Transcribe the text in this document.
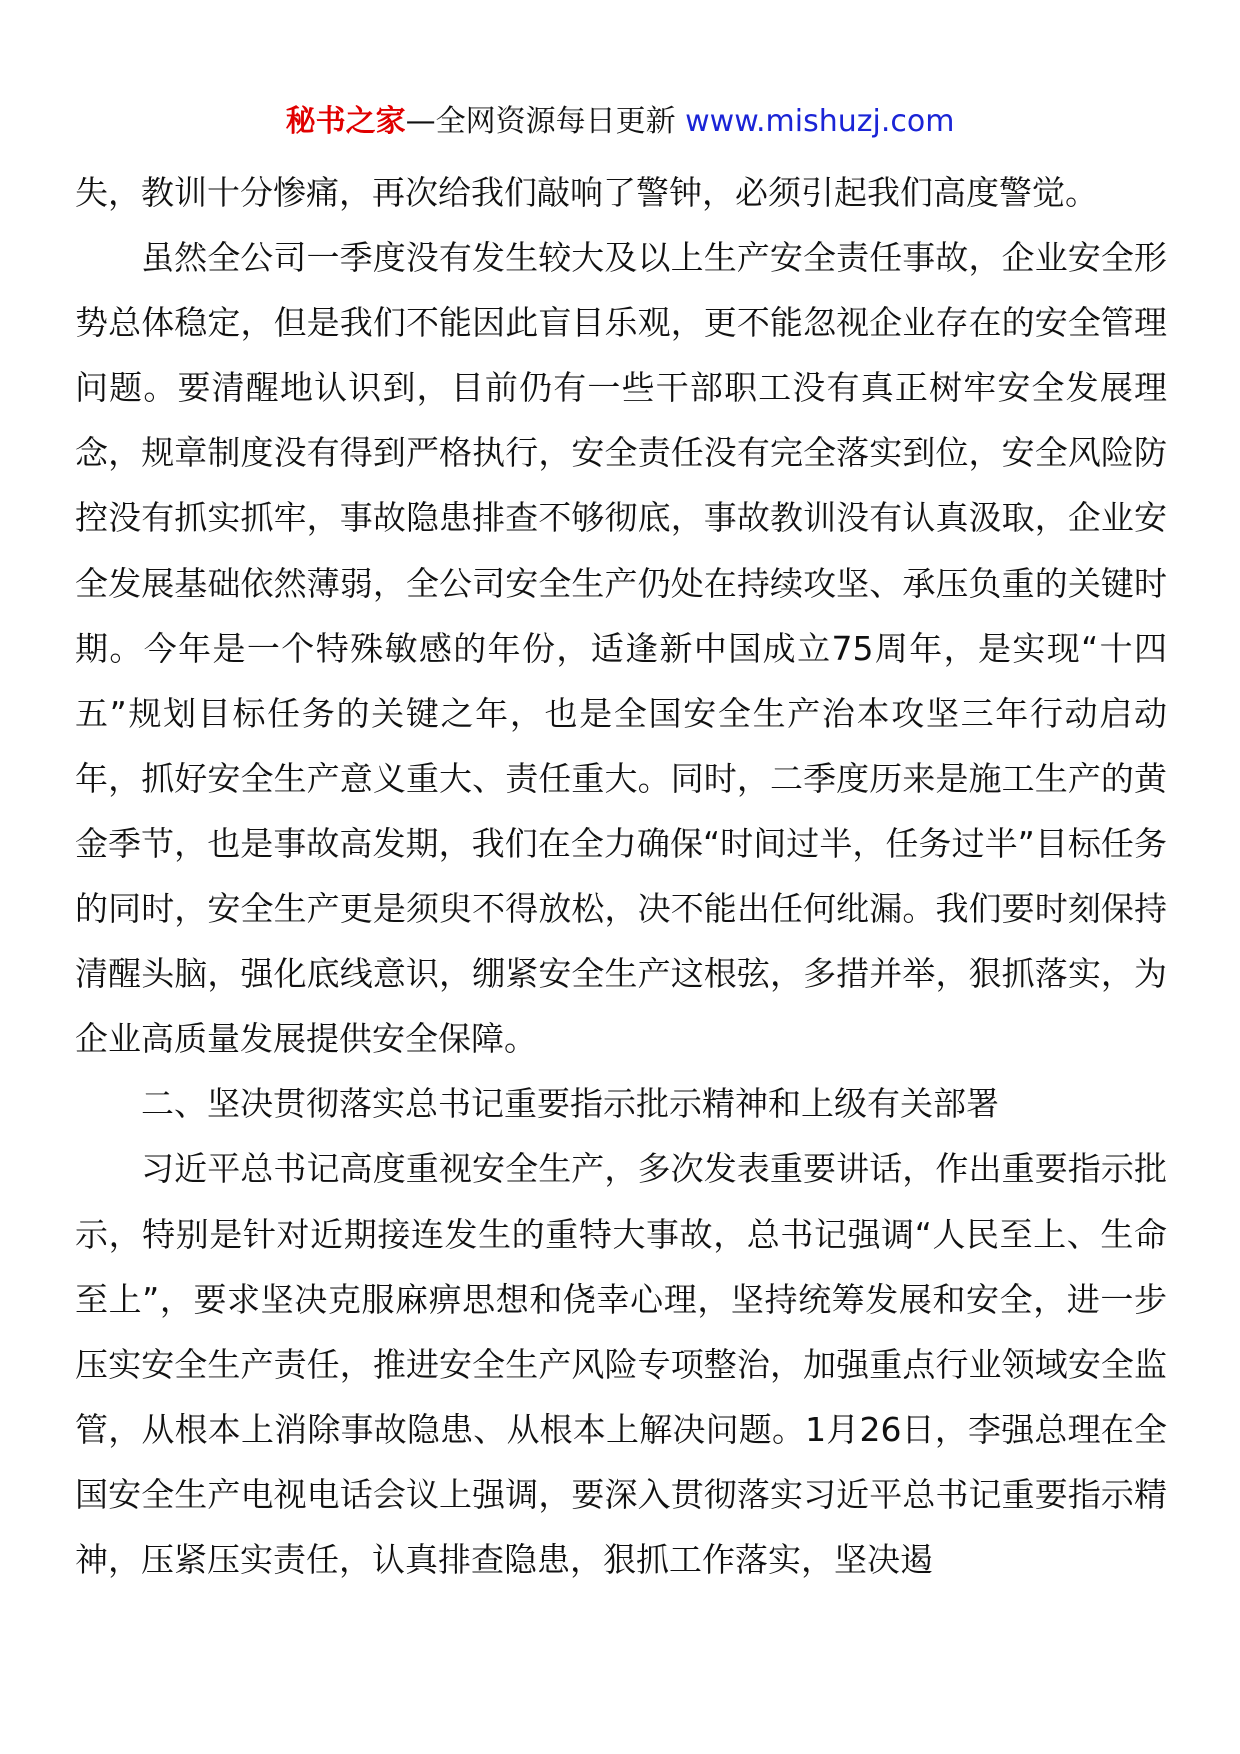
秘书之家—全网资源每日更新 www.mishuzj.com

失，教训十分惨痛，再次给我们敲响了警钟，必须引起我们高度警觉。

虽然全公司一季度没有发生较大及以上生产安全责任事故，企业安全形势总体稳定，但是我们不能因此盲目乐观，更不能忽视企业存在的安全管理问题。要清醒地认识到，目前仍有一些干部职工没有真正树牢安全发展理念，规章制度没有得到严格执行，安全责任没有完全落实到位，安全风险防控没有抓实抓牢，事故隐患排查不够彻底，事故教训没有认真汲取，企业安全发展基础依然薄弱，全公司安全生产仍处在持续攻坚、承压负重的关键时期。今年是一个特殊敏感的年份，适逢新中国成立75周年，是实现“十四五”规划目标任务的关键之年，也是全国安全生产治本攻坚三年行动启动年，抓好安全生产意义重大、责任重大。同时，二季度历来是施工生产的黄金季节，也是事故高发期，我们在全力确保“时间过半，任务过半”目标任务的同时，安全生产更是须臾不得放松，决不能出任何纰漏。我们要时刻保持清醒头脑，强化底线意识，绷紧安全生产这根弦，多措并举，狠抓落实，为企业高质量发展提供安全保障。

二、坚决贯彻落实总书记重要指示批示精神和上级有关部署

习近平总书记高度重视安全生产，多次发表重要讲话，作出重要指示批示，特别是针对近期接连发生的重特大事故，总书记强调“人民至上、生命至上”，要求坚决克服麻痹思想和侥幸心理，坚持统筹发展和安全，进一步压实安全生产责任，推进安全生产风险专项整治，加强重点行业领域安全监管，从根本上消除事故隐患、从根本上解决问题。1月26日，李强总理在全国安全生产电视电话会议上强调，要深入贯彻落实习近平总书记重要指示精神，压紧压实责任，认真排查隐患，狠抓工作落实，坚决遏
